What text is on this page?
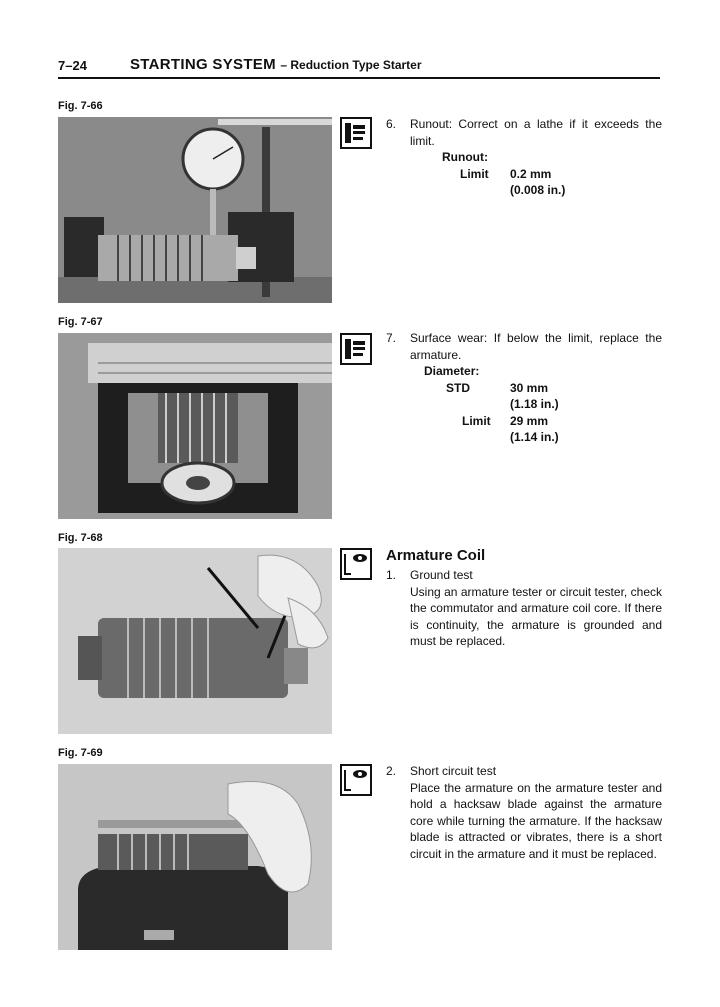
7–24	STARTING SYSTEM – Reduction Type Starter
Fig. 7-66
6. Runout: Correct on a lathe if it exceeds the limit.
Runout:
Limit 0.2 mm
(0.008 in.)
Fig. 7-67
7. Surface wear: If below the limit, replace the armature.
Diameter:
STD	30 mm
(1.18 in.)
Limit 29 mm
(1.14 in.)
Fig. 7-68
Armature Coil
1. Ground test
Using an armature tester or circuit tester, check the commutator and armature coil core. If there is continuity, the armature is grounded and must be replaced.
Fig. 7-69
2. Short circuit test
Place the armature on the armature tester and hold a hacksaw blade against the armature core while turning the armature. If the hacksaw blade is attracted or vibrates, there is a short circuit in the armature and it must be replaced.
